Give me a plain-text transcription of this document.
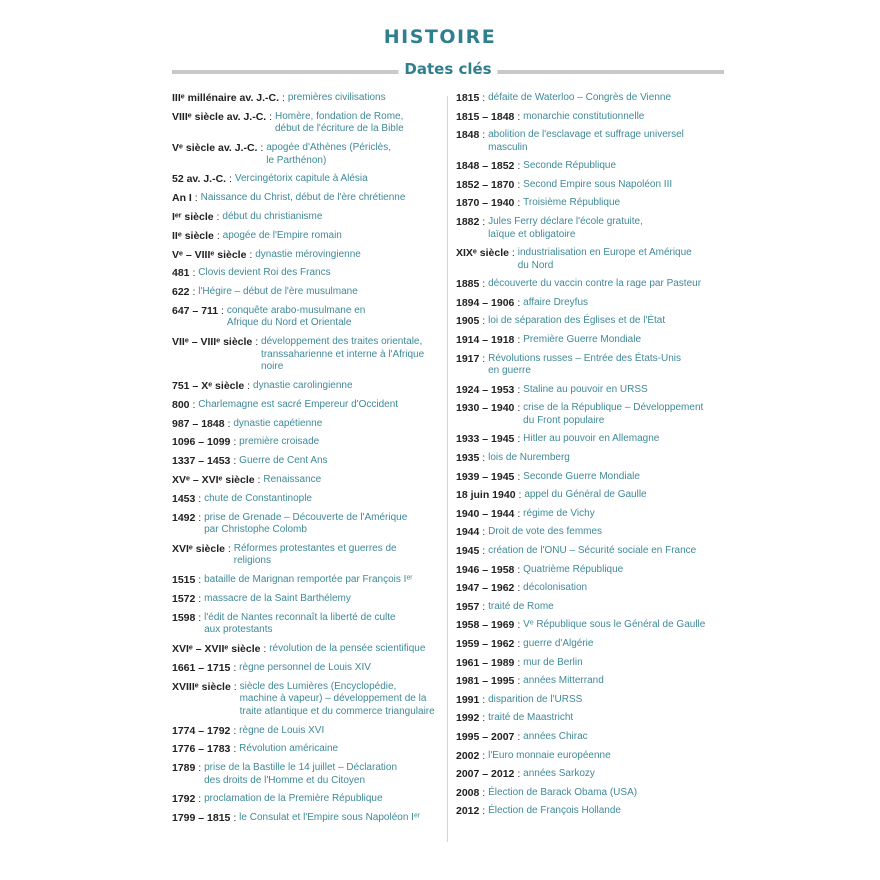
HISTOIRE
Dates clés
IIIᵉ millénaire av. J.-C. : premières civilisations
VIIIᵉ siècle av. J.-C. : Homère, fondation de Rome,
début de l'écriture de la Bible
Vᵉ siècle av. J.-C. : apogée d'Athènes (Périclès,
le Parthénon)
52 av. J.-C. : Vercingétorix capitule à Alésia
An I : Naissance du Christ, début de l'ère chrétienne
Iᵉʳ siècle : début du christianisme
IIᵉ siècle : apogée de l'Empire romain
Vᵉ – VIIIᵉ siècle : dynastie mérovingienne
481 : Clovis devient Roi des Francs
622 : l'Hégire – début de l'ère musulmane
647 – 711 : conquête arabo-musulmane en
Afrique du Nord et Orientale
VIIᵉ – VIIIᵉ siècle : développement des traites orientale,
transsaharienne et interne à l'Afrique noire
751 – Xᵉ siècle : dynastie carolingienne
800 : Charlemagne est sacré Empereur d'Occident
987 – 1848 : dynastie capétienne
1096 – 1099 : première croisade
1337 – 1453 : Guerre de Cent Ans
XVᵉ – XVIᵉ siècle : Renaissance
1453 : chute de Constantinople
1492 : prise de Grenade – Découverte de l'Amérique
par Christophe Colomb
XVIᵉ siècle : Réformes protestantes et guerres de
religions
1515 : bataille de Marignan remportée par François Iᵉʳ
1572 : massacre de la Saint Barthélemy
1598 : l'édit de Nantes reconnaît la liberté de culte
aux protestants
XVIᵉ – XVIIᵉ siècle : révolution de la pensée scientifique
1661 – 1715 : règne personnel de Louis XIV
XVIIIᵉ siècle : siècle des Lumières (Encyclopédie,
machine à vapeur) – développement de la
traite atlantique et du commerce triangulaire
1774 – 1792 : règne de Louis XVI
1776 – 1783 : Révolution américaine
1789 : prise de la Bastille le 14 juillet – Déclaration
des droits de l'Homme et du Citoyen
1792 : proclamation de la Première République
1799 – 1815 : le Consulat et l'Empire sous Napoléon Iᵉʳ
1815 : défaite de Waterloo – Congrès de Vienne
1815 – 1848 : monarchie constitutionnelle
1848 : abolition de l'esclavage et suffrage universel
masculin
1848 – 1852 : Seconde République
1852 – 1870 : Second Empire sous Napoléon III
1870 – 1940 : Troisième République
1882 : Jules Ferry déclare l'école gratuite,
laïque et obligatoire
XIXᵉ siècle : industrialisation en Europe et Amérique
du Nord
1885 : découverte du vaccin contre la rage par Pasteur
1894 – 1906 : affaire Dreyfus
1905 : loi de séparation des Églises et de l'État
1914 – 1918 : Première Guerre Mondiale
1917 : Révolutions russes – Entrée des États-Unis
en guerre
1924 – 1953 : Staline au pouvoir en URSS
1930 – 1940 : crise de la République – Développement
du Front populaire
1933 – 1945 : Hitler au pouvoir en Allemagne
1935 : lois de Nuremberg
1939 – 1945 : Seconde Guerre Mondiale
18 juin 1940 : appel du Général de Gaulle
1940 – 1944 : régime de Vichy
1944 : Droit de vote des femmes
1945 : création de l'ONU – Sécurité sociale en France
1946 – 1958 : Quatrième République
1947 – 1962 : décolonisation
1957 : traité de Rome
1958 – 1969 : Vᵉ République sous le Général de Gaulle
1959 – 1962 : guerre d'Algérie
1961 – 1989 : mur de Berlin
1981 – 1995 : années Mitterrand
1991 : disparition de l'URSS
1992 : traité de Maastricht
1995 – 2007 : années Chirac
2002 : l'Euro monnaie européenne
2007 – 2012 : années Sarkozy
2008 : Élection de Barack Obama (USA)
2012 : Élection de François Hollande
